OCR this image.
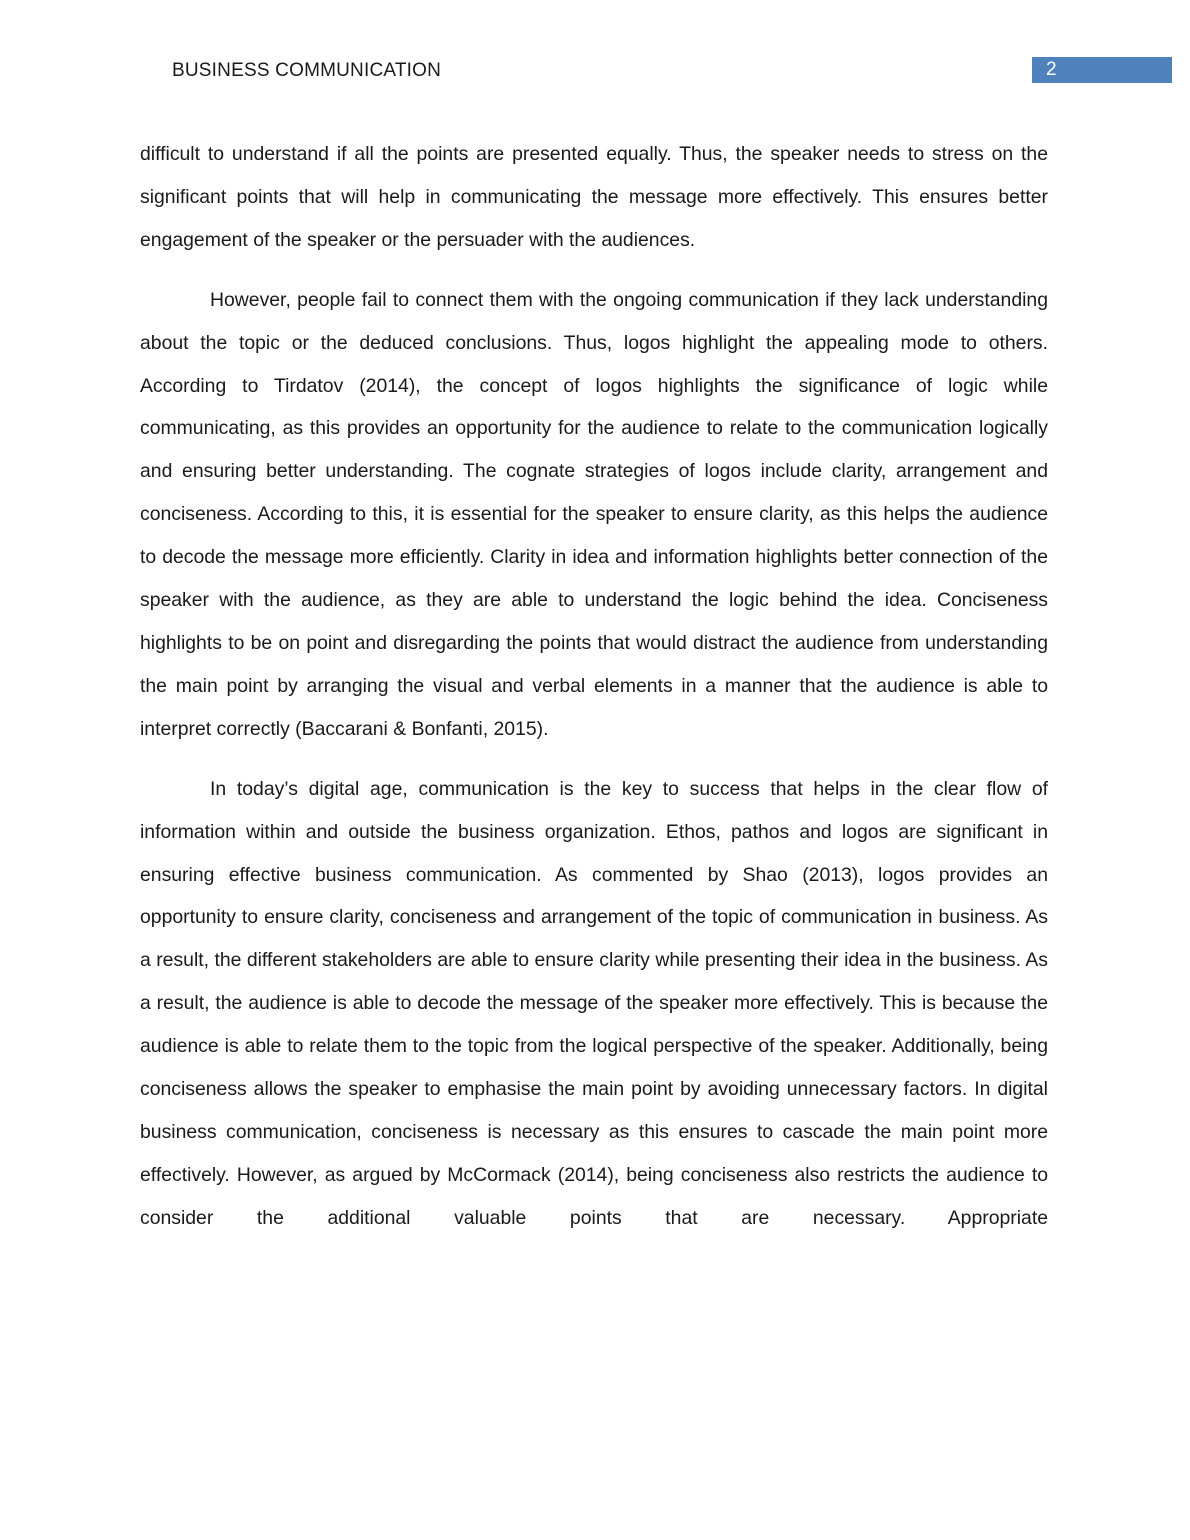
BUSINESS COMMUNICATION	2

difficult to understand if all the points are presented equally. Thus, the speaker needs to stress on the significant points that will help in communicating the message more effectively. This ensures better engagement of the speaker or the persuader with the audiences.

However, people fail to connect them with the ongoing communication if they lack understanding about the topic or the deduced conclusions. Thus, logos highlight the appealing mode to others. According to Tirdatov (2014), the concept of logos highlights the significance of logic while communicating, as this provides an opportunity for the audience to relate to the communication logically and ensuring better understanding. The cognate strategies of logos include clarity, arrangement and conciseness. According to this, it is essential for the speaker to ensure clarity, as this helps the audience to decode the message more efficiently. Clarity in idea and information highlights better connection of the speaker with the audience, as they are able to understand the logic behind the idea. Conciseness highlights to be on point and disregarding the points that would distract the audience from understanding the main point by arranging the visual and verbal elements in a manner that the audience is able to interpret correctly (Baccarani & Bonfanti, 2015).

In today’s digital age, communication is the key to success that helps in the clear flow of information within and outside the business organization. Ethos, pathos and logos are significant in ensuring effective business communication. As commented by Shao (2013), logos provides an opportunity to ensure clarity, conciseness and arrangement of the topic of communication in business. As a result, the different stakeholders are able to ensure clarity while presenting their idea in the business. As a result, the audience is able to decode the message of the speaker more effectively. This is because the audience is able to relate them to the topic from the logical perspective of the speaker. Additionally, being conciseness allows the speaker to emphasise the main point by avoiding unnecessary factors. In digital business communication, conciseness is necessary as this ensures to cascade the main point more effectively. However, as argued by McCormack (2014), being conciseness also restricts the audience to consider the additional valuable points that are necessary. Appropriate
